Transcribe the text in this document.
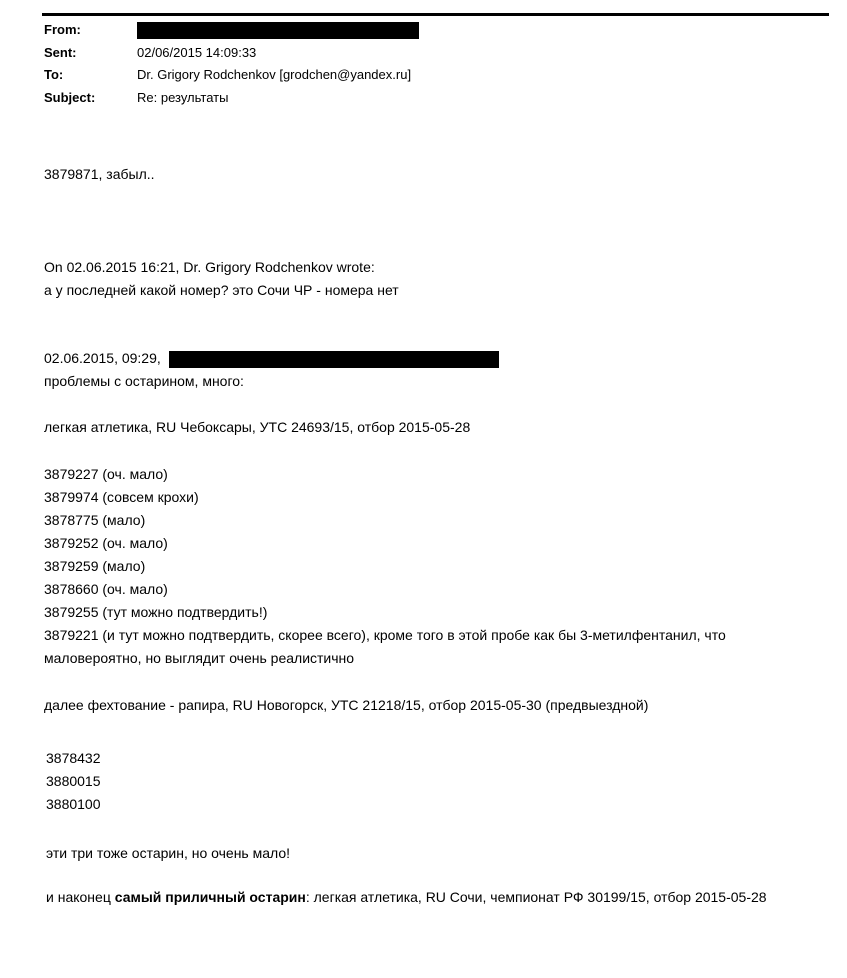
From:
Sent:	02/06/2015 14:09:33
To:	Dr. Grigory Rodchenkov [grodchen@yandex.ru]
Subject:	Re: результаты
3879871, забыл..
On 02.06.2015 16:21, Dr. Grigory Rodchenkov wrote:
а у последней какой номер? это Сочи ЧР - номера нет
02.06.2015, 09:29,
проблемы с остарином, много:
легкая атлетика, RU Чебоксары, УТС 24693/15, отбор 2015-05-28
3879227 (оч. мало)
3879974 (совсем крохи)
3878775 (мало)
3879252 (оч. мало)
3879259 (мало)
3878660 (оч. мало)
3879255 (тут можно подтвердить!)
3879221 (и тут можно подтвердить, скорее всего), кроме того в этой пробе как бы 3-метилфентанил, что
маловероятно, но выглядит очень реалистично
далее фехтование - рапира, RU Новогорск, УТС 21218/15, отбор 2015-05-30 (предвыездной)
3878432
3880015
3880100
эти три тоже остарин, но очень мало!
и наконец самый приличный остарин: легкая атлетика, RU Сочи, чемпионат РФ 30199/15, отбор 2015-05-28
